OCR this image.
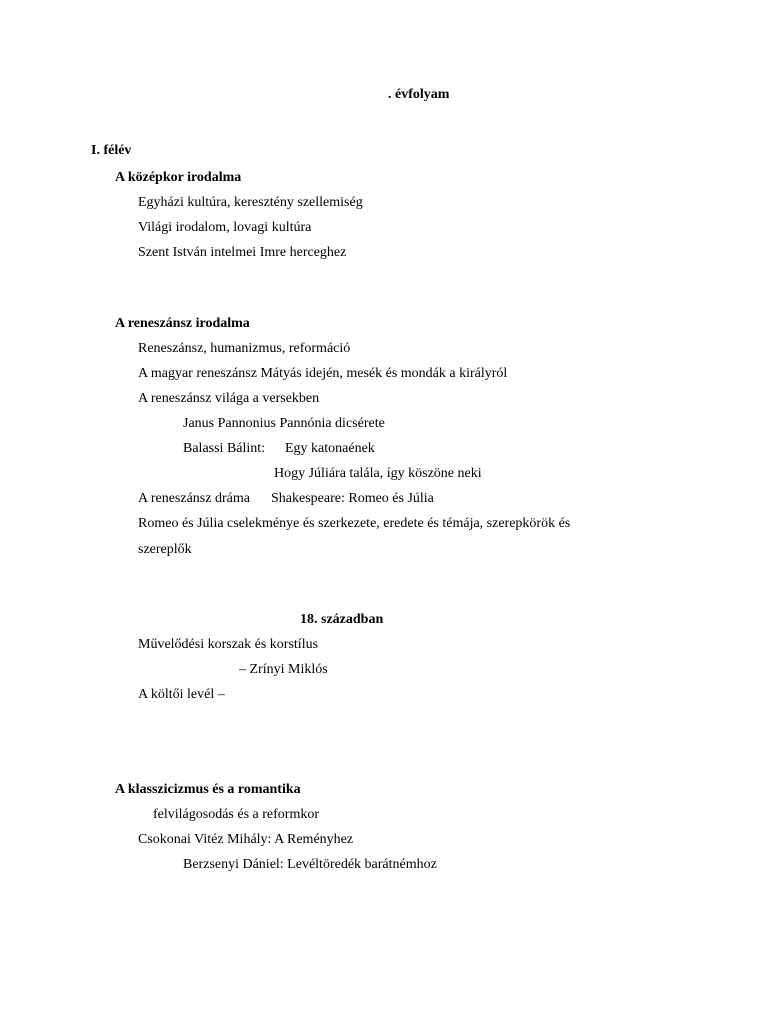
. évfolyam
I. félév
A középkor irodalma
Egyházi kultúra, keresztény szellemiség
Világi irodalom, lovagi kultúra
Szent István intelmei Imre herceghez
A reneszánsz irodalma
Reneszánsz, humanizmus, reformáció
A magyar reneszánsz Mátyás idején, mesék és mondák a királyról
A reneszánsz világa a versekben
Janus Pannonius Pannónia dicsérete
Balassi Bálint: Egy katonaének
Hogy Júliára talála, így köszöne neki
A reneszánsz dráma Shakespeare: Romeo és Júlia
Romeo és Júlia cselekménye és szerkezete, eredete és témája, szerepkörök és
szereplők
18. században
Művelődési korszak és korstílus
– Zrínyi Miklós
A költői levél –
A klasszicizmus és a romantika
felvilágosodás és a reformkor
Csokonai Vitéz Mihály: A Reményhez
Berzsenyi Dániel: Levéltöredék barátnémhoz
